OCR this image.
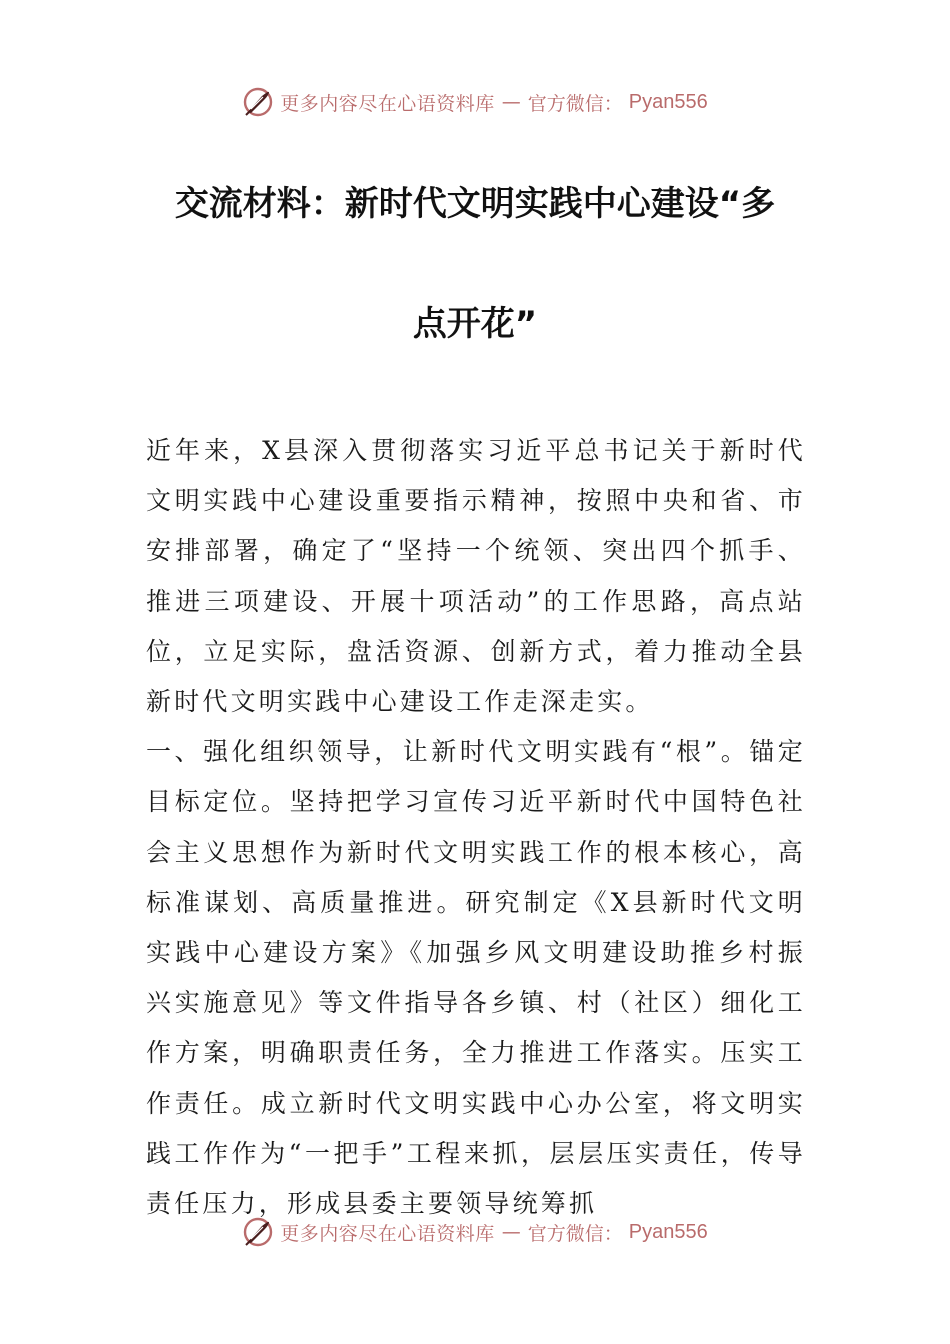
更多内容尽在心语资料库 — 官方微信： Pyan556
交流材料：新时代文明实践中心建设“多
点开花”

近年来，X县深入贯彻落实习近平总书记关于新时代文明实践中心建设重要指示精神，按照中央和省、市安排部署，确定了“坚持一个统领、突出四个抓手、推进三项建设、开展十项活动”的工作思路，高点站位，立足实际，盘活资源、创新方式，着力推动全县新时代文明实践中心建设工作走深走实。

一、强化组织领导，让新时代文明实践有“根”。锚定目标定位。坚持把学习宣传习近平新时代中国特色社会主义思想作为新时代文明实践工作的根本核心，高标准谋划、高质量推进。研究制定《X县新时代文明实践中心建设方案》《加强乡风文明建设助推乡村振兴实施意见》等文件指导各乡镇、村（社区）细化工作方案，明确职责任务，全力推进工作落实。压实工作责任。成立新时代文明实践中心办公室，将文明实践工作作为“一把手”工程来抓，层层压实责任，传导责任压力，形成县委主要领导统筹抓

更多内容尽在心语资料库 — 官方微信： Pyan556
